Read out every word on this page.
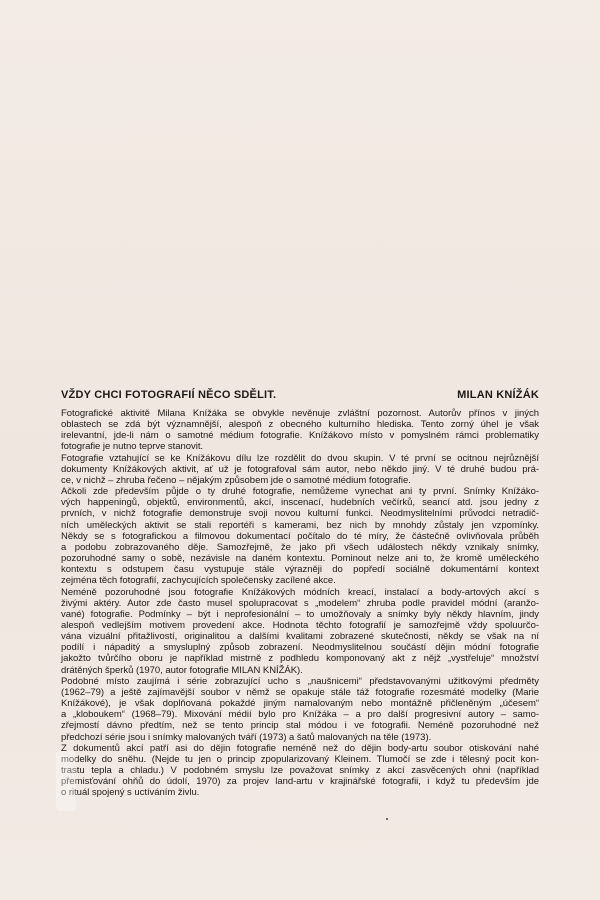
VŽDY CHCI FOTOGRAFIÍ NĚCO SDĚLIT.	MILAN KNÍŽÁK
Fotografické aktivitě Milana Knížáka se obvykle nevěnuje zvláštní pozornost. Autorův přínos v jiných
oblastech se zdá být významnější, alespoň z obecného kulturního hlediska. Tento zorný úhel je však
irelevantní, jde-li nám o samotné médium fotografie. Knížákovo místo v pomyslném rámci problematiky
fotografie je nutno teprve stanovit.
Fotografie vztahující se ke Knížákovu dílu lze rozdělit do dvou skupin. V té první se ocitnou nejrůznější
dokumenty Knížákových aktivit, ať už je fotografoval sám autor, nebo někdo jiný. V té druhé budou prá-
ce, v nichž – zhruba řečeno – nějakým způsobem jde o samotné médium fotografie.
Ačkoli zde především půjde o ty druhé fotografie, nemůžeme vynechat ani ty první. Snímky Knížáko-
vých happeningů, objektů, environmentů, akcí, inscenací, hudebních večírků, seancí atd. jsou jedny z
prvních, v nichž fotografie demonstruje svoji novou kulturní funkci. Neodmyslitelními průvodci netradič-
ních uměleckých aktivit se stali reportéři s kamerami, bez nich by mnohdy zůstaly jen vzpomínky.
Někdy se s fotografickou a filmovou dokumentací počítalo do té míry, že částečně ovlivňovala průběh
a podobu zobrazovaného děje. Samozřejmě, že jako při všech událostech někdy vznikaly snímky,
pozoruhodné samy o sobě, nezávisle na daném kontextu. Pominout nelze ani to, že kromě uměleckého
kontextu s odstupem času vystupuje stále výrazněji do popředí sociálně dokumentární kontext
zejména těch fotografií, zachycujících společensky zacílené akce.
Neméně pozoruhodné jsou fotografie Knížákových módních kreací, instalací a body-artových akcí s
živými aktéry. Autor zde často musel spolupracovat s „modelem“ zhruba podle pravidel módní (aranžo-
vané) fotografie. Podmínky – být i neprofesionální – to umožňovaly a snímky byly někdy hlavním, jindy
alespoň vedlejším motivem provedení akce. Hodnota těchto fotografií je samozřejmě vždy spoluurčo-
vána vizuální přitažlivostí, originalitou a dalšími kvalitami zobrazené skutečnosti, někdy se však na ní
podílí i nápaditý a smysluplný způsob zobrazení. Neodmyslitelnou součástí dějin módní fotografie
jakožto tvůrčího oboru je například mistrně z podhledu komponovaný akt z nějž „vystřeluje“ množství
drátěných šperků (1970, autor fotografie MILAN KNÍŽÁK).
Podobné místo zaujímá i série zobrazující ucho s „naušnicemi“ představovanými užitkovými předměty
(1962–79) a ještě zajímavější soubor v němž se opakuje stále táž fotografie rozesmáté modelky (Marie
Knížákové), je však doplňovaná pokaždé jiným namalovaným nebo montážně přičleněným „účesem“
a „kloboukem“ (1968–79). Mixování médií bylo pro Knížáka – a pro další progresivní autory – samo-
zřejmostí dávno předtím, než se tento princip stal módou i ve fotografii. Neméně pozoruhodné než
předchozí série jsou i snímky malovaných tváří (1973) a šatů malovaných na těle (1973).
Z dokumentů akcí patří asi do dějin fotografie neméně než do dějin body-artu soubor otiskování nahé
modelky do sněhu. (Nejde tu jen o princip zpopularizovaný Kleinem. Tlumočí se zde i tělesný pocit kon-
trastu tepla a chladu.) V podobném smyslu lze považovat snímky z akcí zasvěcených ohni (například
přemisťování ohňů do údolí, 1970) za projev land-artu v krajinářské fotografii, i když tu především jde
o rituál spojený s uctíváním živlu.
